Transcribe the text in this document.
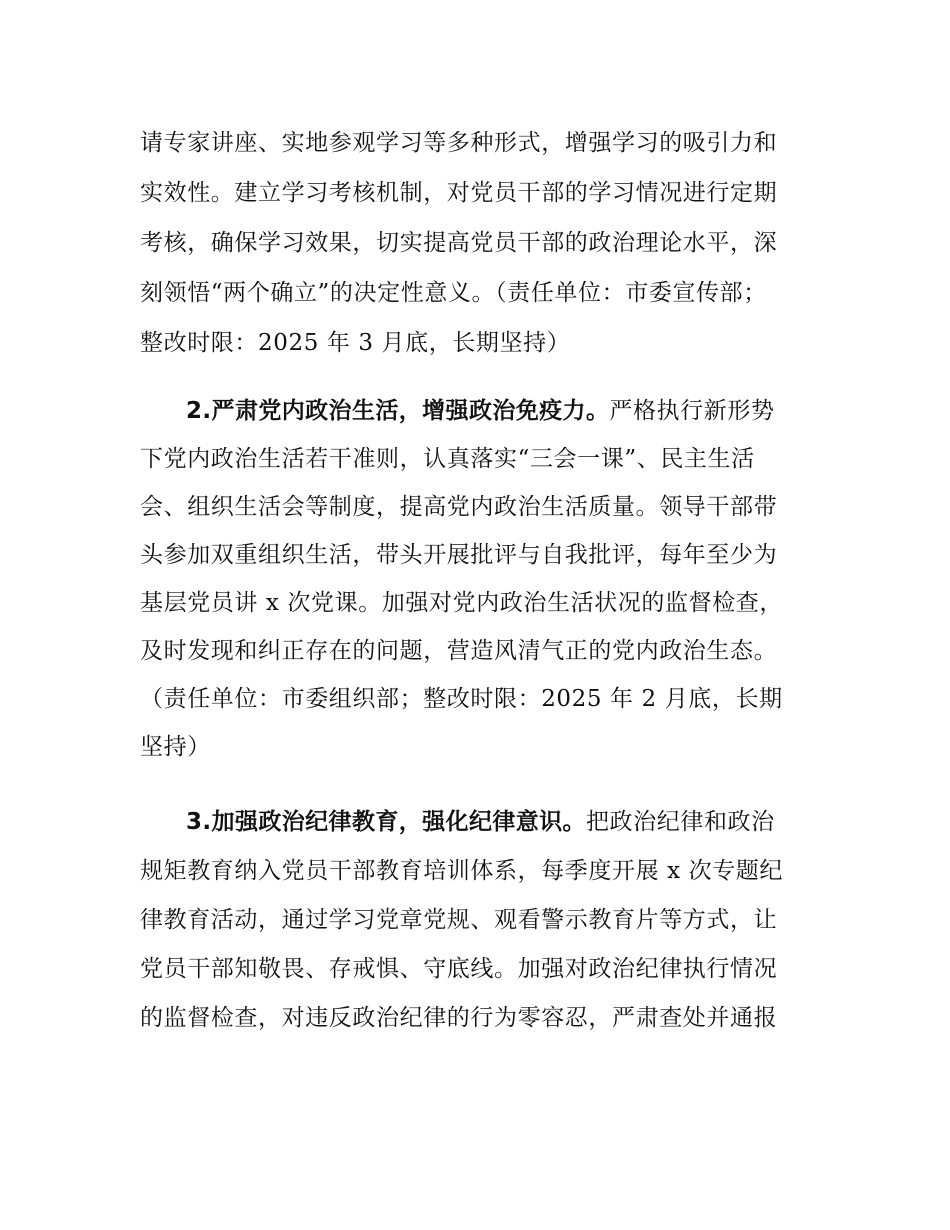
请专家讲座、实地参观学习等多种形式，增强学习的吸引力和
实效性。建立学习考核机制，对党员干部的学习情况进行定期
考核，确保学习效果，切实提高党员干部的政治理论水平，深
刻领悟“两个确立”的决定性意义。（责任单位：市委宣传部；
整改时限：2025 年 3 月底，长期坚持）
2.严肃党内政治生活，增强政治免疫力。严格执行新形势
下党内政治生活若干准则，认真落实“三会一课”、民主生活
会、组织生活会等制度，提高党内政治生活质量。领导干部带
头参加双重组织生活，带头开展批评与自我批评，每年至少为
基层党员讲 x 次党课。加强对党内政治生活状况的监督检查，
及时发现和纠正存在的问题，营造风清气正的党内政治生态。
（责任单位：市委组织部；整改时限：2025 年 2 月底，长期
坚持）
3.加强政治纪律教育，强化纪律意识。把政治纪律和政治
规矩教育纳入党员干部教育培训体系，每季度开展 x 次专题纪
律教育活动，通过学习党章党规、观看警示教育片等方式，让
党员干部知敬畏、存戒惧、守底线。加强对政治纪律执行情况
的监督检查，对违反政治纪律的行为零容忍，严肃查处并通报
